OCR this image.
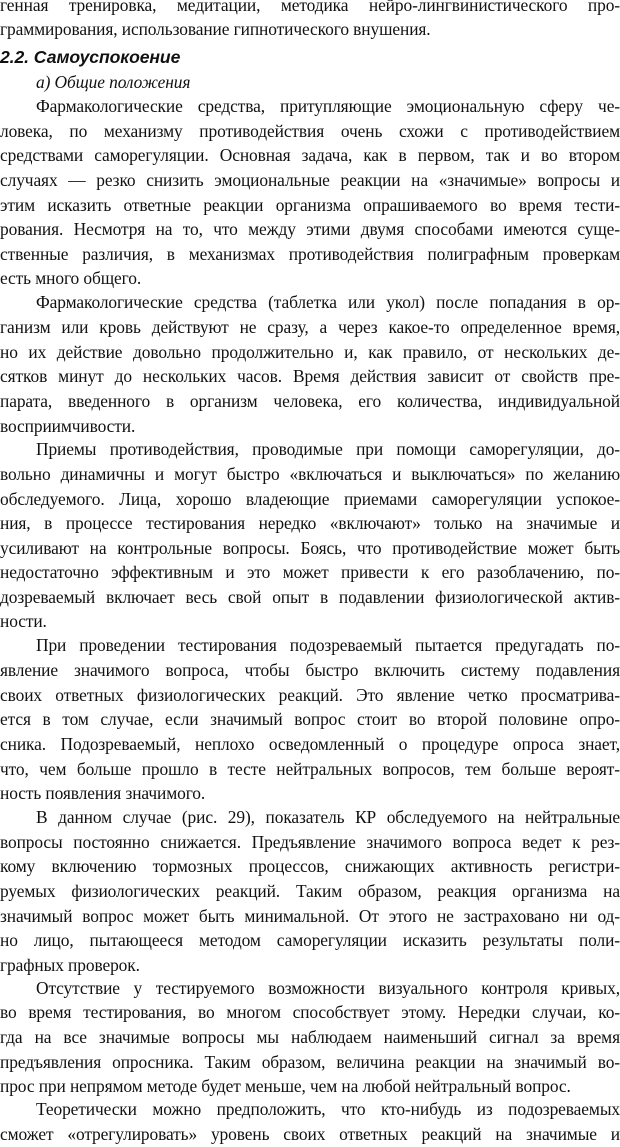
генная тренировка, медитации, методика нейро-лингвинистического про-

граммирования, использование гипнотического внушения.

2.2. Самоуспокоение

а) Общие положения

Фармакологические средства, притупляющие эмоциональную сферу че-

ловека, по механизму противодействия очень схожи с противодействием

средствами саморегуляции. Основная задача, как в первом, так и во втором

случаях — резко снизить эмоциональные реакции на «значимые» вопросы и

этим исказить ответные реакции организма опрашиваемого во время тести-

рования. Несмотря на то, что между этими двумя способами имеются суще-

ственные различия, в механизмах противодействия полиграфным проверкам

есть много общего.

Фармакологические средства (таблетка или укол) после попадания в ор-

ганизм или кровь действуют не сразу, а через какое-то определенное время,

но их действие довольно продолжительно и, как правило, от нескольких де-

сятков минут до нескольких часов. Время действия зависит от свойств пре-

парата, введенного в организм человека, его количества, индивидуальной

восприимчивости.

Приемы противодействия, проводимые при помощи саморегуляции, до-

вольно динамичны и могут быстро «включаться и выключаться» по желанию

обследуемого. Лица, хорошо владеющие приемами саморегуляции успокое-

ния, в процессе тестирования нередко «включают» только на значимые и

усиливают на контрольные вопросы. Боясь, что противодействие может быть

недостаточно эффективным и это может привести к его разоблачению, по-

дозреваемый включает весь свой опыт в подавлении физиологической актив-

ности.

При проведении тестирования подозреваемый пытается предугадать по-

явление значимого вопроса, чтобы быстро включить систему подавления

своих ответных физиологических реакций. Это явление четко просматрива-

ется в том случае, если значимый вопрос стоит во второй половине опро-

сника. Подозреваемый, неплохо осведомленный о процедуре опроса знает,

что, чем больше прошло в тесте нейтральных вопросов, тем больше вероят-

ность появления значимого.

В данном случае (рис. 29), показатель КР обследуемого на нейтральные

вопросы постоянно снижается. Предъявление значимого вопроса ведет к рез-

кому включению тормозных процессов, снижающих активность регистри-

руемых физиологических реакций. Таким образом, реакция организма на

значимый вопрос может быть минимальной. От этого не застраховано ни од-

но лицо, пытающееся методом саморегуляции исказить результаты поли-

графных проверок.

Отсутствие у тестируемого возможности визуального контроля кривых,

во время тестирования, во многом способствует этому. Нередки случаи, ко-

гда на все значимые вопросы мы наблюдаем наименьший сигнал за время

предъявления опросника. Таким образом, величина реакции на значимый во-

прос при непрямом методе будет меньше, чем на любой нейтральный вопрос.

Теоретически можно предположить, что кто-нибудь из подозреваемых

сможет «отрегулировать» уровень своих ответных реакций на значимые и
